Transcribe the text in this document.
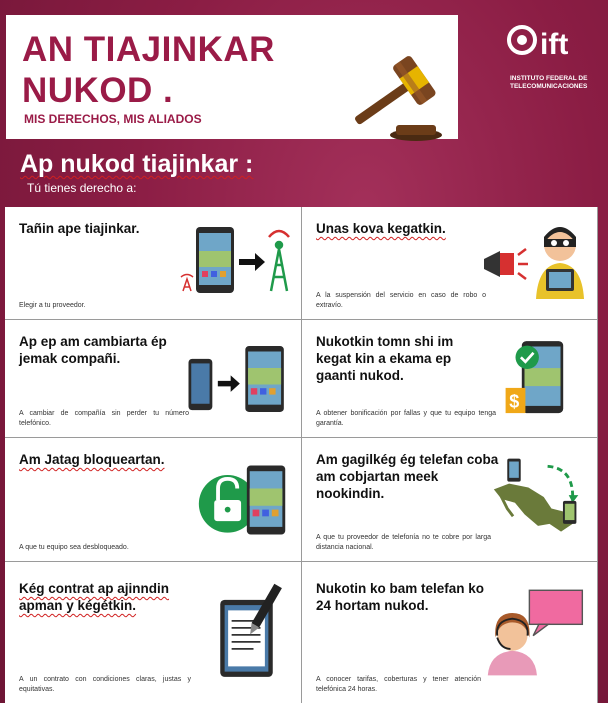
AN TIAJINKAR
NUKOD .
MIS DERECHOS, MIS ALIADOS
ift
INSTITUTO FEDERAL DE
TELECOMUNICACIONES
Ap nukod tiajinkar :
Tú tienes derecho a:
Tañin ape tiajinkar.
Elegir a tu proveedor.
Unas kova kegatkin.
A la suspensión del servicio en caso de robo o extravío.
Ap ep am cambiarta ép jemak compañi.
A cambiar de compañía sin perder tu número telefónico.
Nukotkin tomn shi im kegat kin a ekama ep gaanti nukod.
A obtener bonificación por fallas y que tu equipo tenga garantía.
$
Am Jatag bloqueartan.
A que tu equipo sea desbloqueado.
Am gagilkég ég telefan coba am cobjartan meek nookindin.
A que tu proveedor de telefonía no te cobre por larga distancia nacional.
Kég contrat ap ajinndin apman y kégétkin.
A un contrato con condiciones claras, justas y equitativas.
Nukotin ko bam telefan ko 24 hortam nukod.
A conocer tarifas, coberturas y tener atención telefónica 24 horas.
